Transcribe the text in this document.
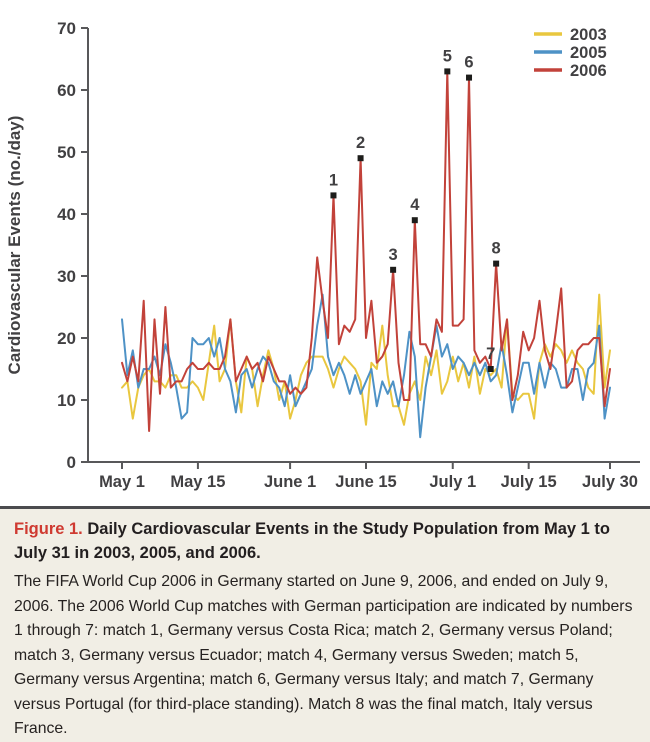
0
10
20
30
40
50
60
70
May 1 May 15 June 1 June 15 July 1 July 15 July 30
Cardiovascular Events (no./day)
2003
2005
2006
1
2
3
4
5 6
7
8

Figure 1. Daily Cardiovascular Events in the Study Population from May 1 to July 31 in 2003, 2005, and 2006.

The FIFA World Cup 2006 in Germany started on June 9, 2006, and ended on July 9, 2006. The 2006 World Cup matches with German participation are indicated by numbers 1 through 7: match 1, Germany versus Costa Rica; match 2, Germany versus Poland; match 3, Germany versus Ecuador; match 4, Germany versus Sweden; match 5, Germany versus Argentina; match 6, Germany versus Italy; and match 7, Germany versus Portugal (for third-place standing). Match 8 was the final match, Italy versus France.
